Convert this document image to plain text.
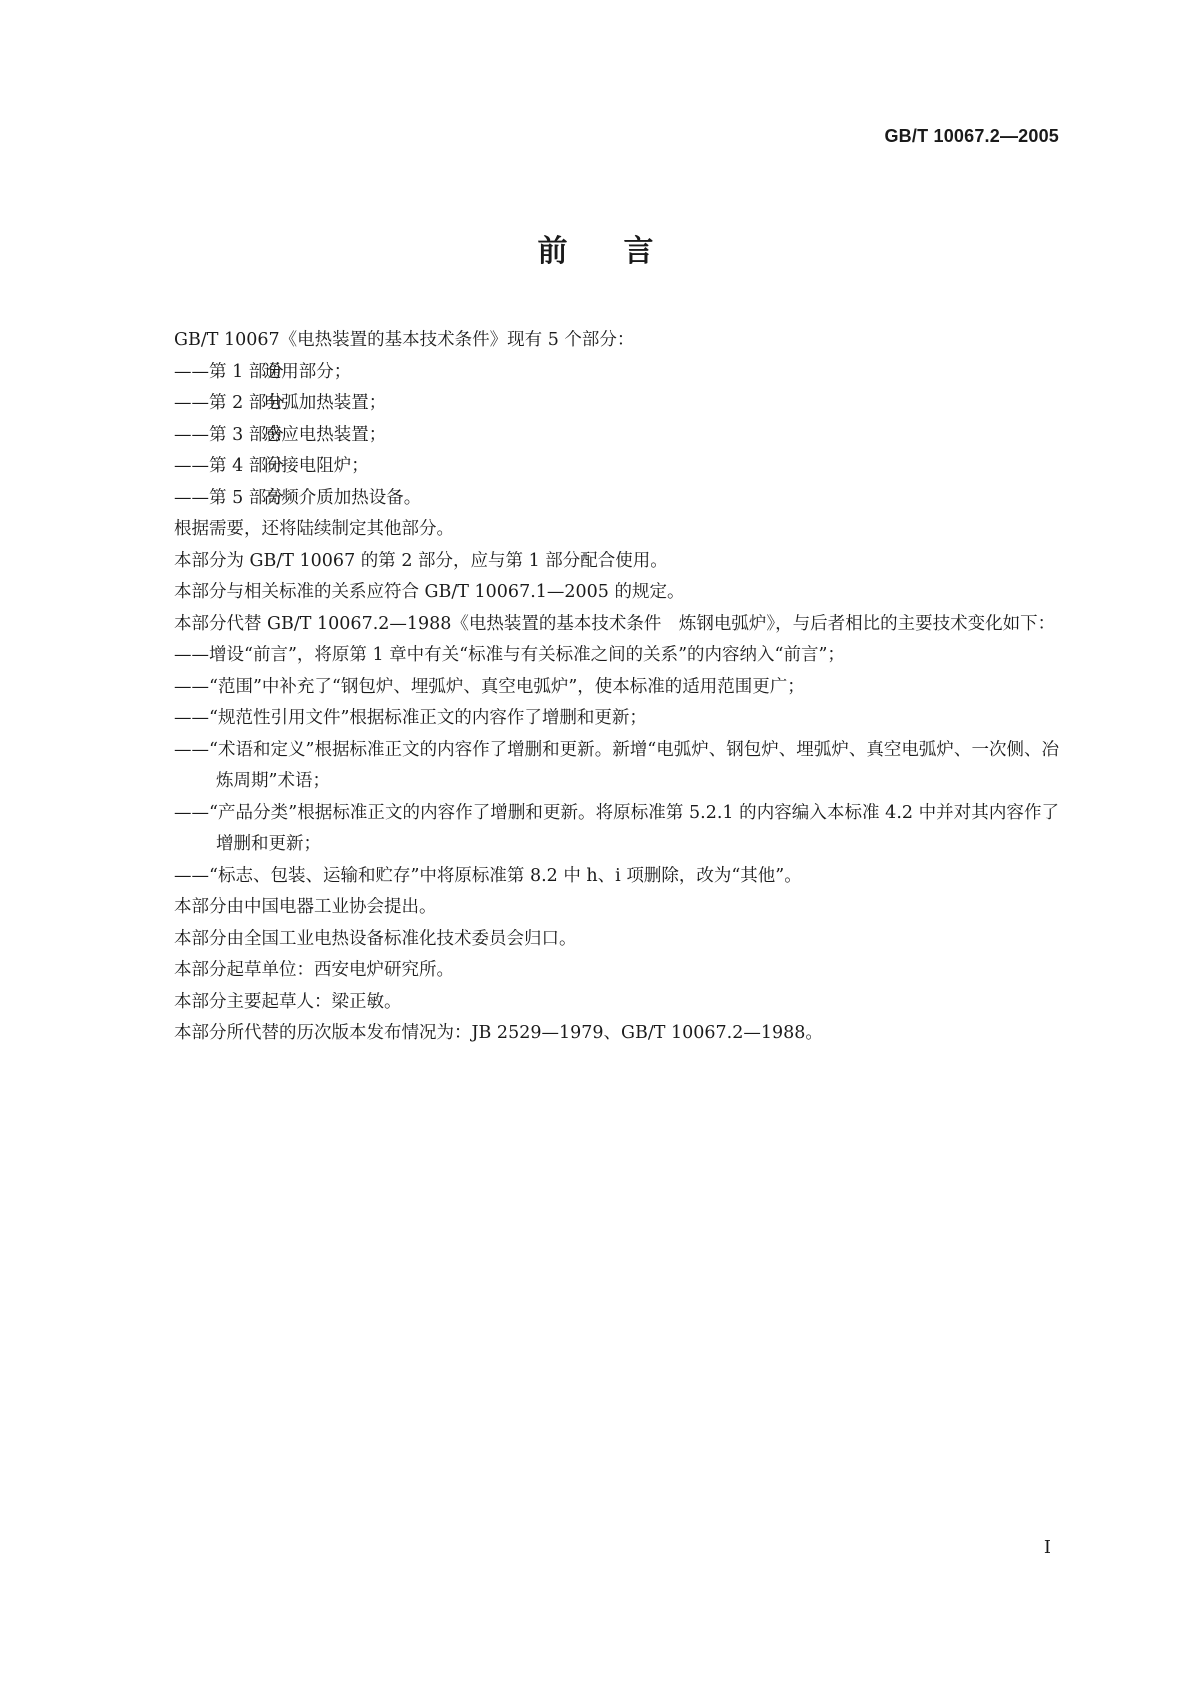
GB/T 10067.2—2005
前言

GB/T 10067《电热装置的基本技术条件》现有 5 个部分：

——第 1 部分通用部分；

——第 2 部分电弧加热装置；

——第 3 部分感应电热装置；

——第 4 部分间接电阻炉；

——第 5 部分高频介质加热设备。

根据需要，还将陆续制定其他部分。

本部分为 GB/T 10067 的第 2 部分，应与第 1 部分配合使用。

本部分与相关标准的关系应符合 GB/T 10067.1—2005 的规定。

本部分代替 GB/T 10067.2—1988《电热装置的基本技术条件　炼钢电弧炉》，与后者相比的主要技术变化如下：

——增设“前言”，将原第 1 章中有关“标准与有关标准之间的关系”的内容纳入“前言”；

——“范围”中补充了“钢包炉、埋弧炉、真空电弧炉”，使本标准的适用范围更广；

——“规范性引用文件”根据标准正文的内容作了增删和更新；

——“术语和定义”根据标准正文的内容作了增删和更新。新增“电弧炉、钢包炉、埋弧炉、真空电弧炉、一次侧、冶炼周期”术语；

——“产品分类”根据标准正文的内容作了增删和更新。将原标准第 5.2.1 的内容编入本标准 4.2 中并对其内容作了增删和更新；

——“标志、包装、运输和贮存”中将原标准第 8.2 中 h、i 项删除，改为“其他”。

本部分由中国电器工业协会提出。

本部分由全国工业电热设备标准化技术委员会归口。

本部分起草单位：西安电炉研究所。

本部分主要起草人：梁正敏。

本部分所代替的历次版本发布情况为：JB 2529—1979、GB/T 10067.2—1988。

I
